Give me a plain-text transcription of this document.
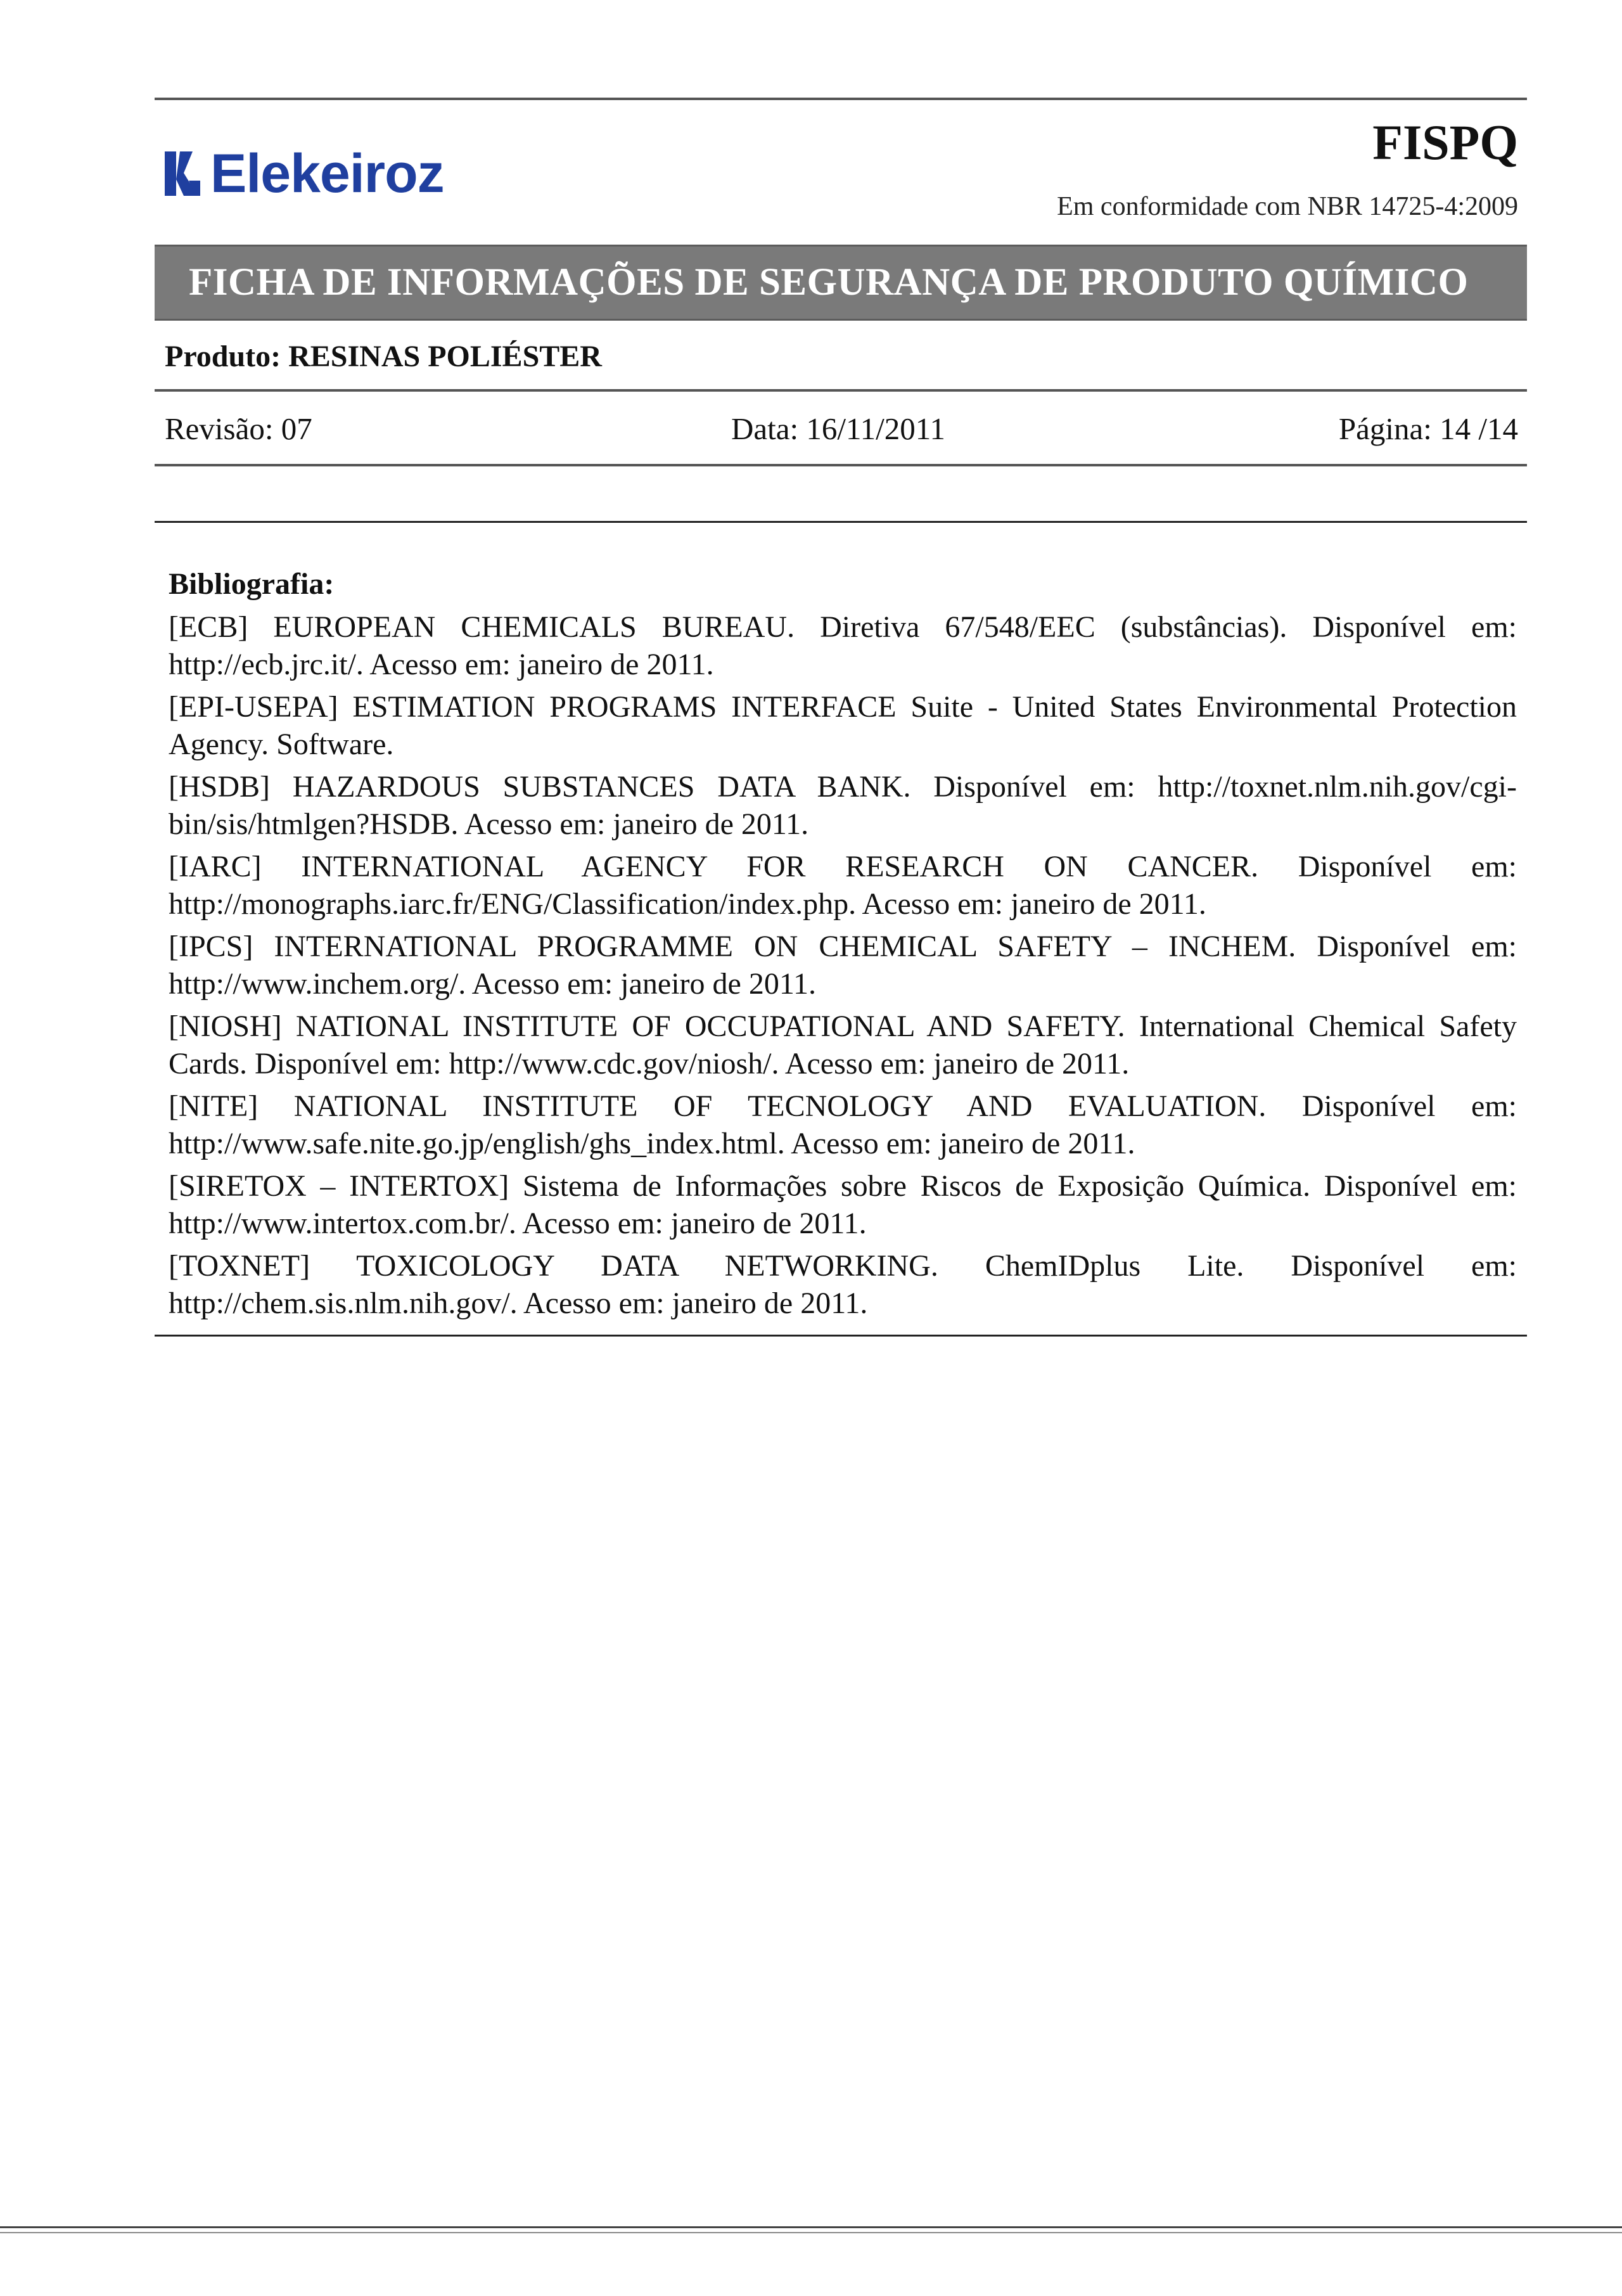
Elekeiroz
FISPQ
Em conformidade com NBR 14725-4:2009
FICHA DE INFORMAÇÕES DE SEGURANÇA DE PRODUTO QUÍMICO
Produto: RESINAS POLIÉSTER
Revisão: 07	Data: 16/11/2011	Página: 14 /14
Bibliografia:

[ECB] EUROPEAN CHEMICALS BUREAU. Diretiva 67/548/EEC (substâncias). Disponível em: http://ecb.jrc.it/. Acesso em: janeiro de 2011.

[EPI-USEPA] ESTIMATION PROGRAMS INTERFACE Suite - United States Environmental Protection Agency. Software.

[HSDB] HAZARDOUS SUBSTANCES DATA BANK. Disponível em: http://toxnet.nlm.nih.gov/cgi-bin/sis/htmlgen?HSDB. Acesso em: janeiro de 2011.

[IARC] INTERNATIONAL AGENCY FOR RESEARCH ON CANCER. Disponível em: http://monographs.iarc.fr/ENG/Classification/index.php. Acesso em: janeiro de 2011.

[IPCS] INTERNATIONAL PROGRAMME ON CHEMICAL SAFETY – INCHEM. Disponível em: http://www.inchem.org/. Acesso em: janeiro de 2011.

[NIOSH] NATIONAL INSTITUTE OF OCCUPATIONAL AND SAFETY. International Chemical Safety Cards. Disponível em: http://www.cdc.gov/niosh/. Acesso em: janeiro de 2011.

[NITE] NATIONAL INSTITUTE OF TECNOLOGY AND EVALUATION. Disponível em: http://www.safe.nite.go.jp/english/ghs_index.html. Acesso em: janeiro de 2011.

[SIRETOX – INTERTOX] Sistema de Informações sobre Riscos de Exposição Química. Disponível em: http://www.intertox.com.br/. Acesso em: janeiro de 2011.

[TOXNET] TOXICOLOGY DATA NETWORKING. ChemIDplus Lite. Disponível em: http://chem.sis.nlm.nih.gov/. Acesso em: janeiro de 2011.
